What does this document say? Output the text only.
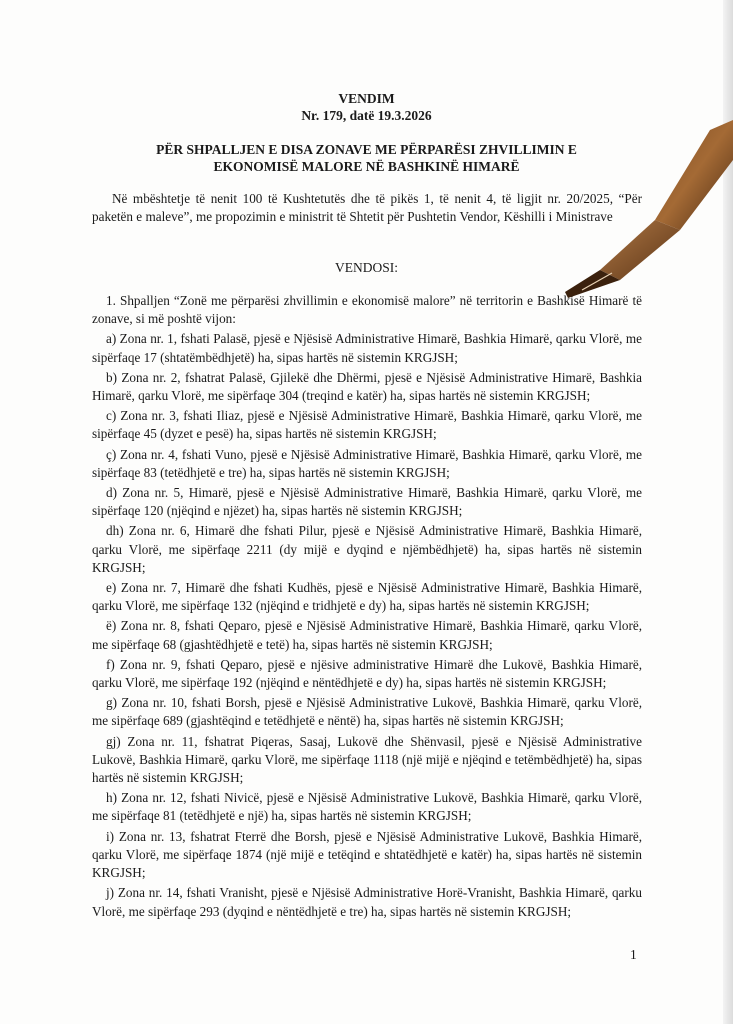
VENDIM
Nr. 179, datë 19.3.2026
PËR SHPALLJEN E DISA ZONAVE ME PËRPARËSI ZHVILLIMIN E
EKONOMISË MALORE NË BASHKINË HIMARË
Në mbështetje të nenit 100 të Kushtetutës dhe të pikës 1, të nenit 4, të ligjit nr. 20/2025, “Për paketën e maleve”, me propozimin e ministrit të Shtetit për Pushtetin Vendor, Këshilli i Ministrave
VENDOSI:

1. Shpalljen “Zonë me përparësi zhvillimin e ekonomisë malore” në territorin e Bashkisë Himarë të zonave, si më poshtë vijon:

a) Zona nr. 1, fshati Palasë, pjesë e Njësisë Administrative Himarë, Bashkia Himarë, qarku Vlorë, me sipërfaqe 17 (shtatëmbëdhjetë) ha, sipas hartës në sistemin KRGJSH;

b) Zona nr. 2, fshatrat Palasë, Gjilekë dhe Dhërmi, pjesë e Njësisë Administrative Himarë, Bashkia Himarë, qarku Vlorë, me sipërfaqe 304 (treqind e katër) ha, sipas hartës në sistemin KRGJSH;

c) Zona nr. 3, fshati Iliaz, pjesë e Njësisë Administrative Himarë, Bashkia Himarë, qarku Vlorë, me sipërfaqe 45 (dyzet e pesë) ha, sipas hartës në sistemin KRGJSH;

ç) Zona nr. 4, fshati Vuno, pjesë e Njësisë Administrative Himarë, Bashkia Himarë, qarku Vlorë, me sipërfaqe 83 (tetëdhjetë e tre) ha, sipas hartës në sistemin KRGJSH;

d) Zona nr. 5, Himarë, pjesë e Njësisë Administrative Himarë, Bashkia Himarë, qarku Vlorë, me sipërfaqe 120 (njëqind e njëzet) ha, sipas hartës në sistemin KRGJSH;

dh) Zona nr. 6, Himarë dhe fshati Pilur, pjesë e Njësisë Administrative Himarë, Bashkia Himarë, qarku Vlorë, me sipërfaqe 2211 (dy mijë e dyqind e njëmbëdhjetë) ha, sipas hartës në sistemin KRGJSH;

e) Zona nr. 7, Himarë dhe fshati Kudhës, pjesë e Njësisë Administrative Himarë, Bashkia Himarë, qarku Vlorë, me sipërfaqe 132 (njëqind e tridhjetë e dy) ha, sipas hartës në sistemin KRGJSH;

ë) Zona nr. 8, fshati Qeparo, pjesë e Njësisë Administrative Himarë, Bashkia Himarë, qarku Vlorë, me sipërfaqe 68 (gjashtëdhjetë e tetë) ha, sipas hartës në sistemin KRGJSH;

f) Zona nr. 9, fshati Qeparo, pjesë e njësive administrative Himarë dhe Lukovë, Bashkia Himarë, qarku Vlorë, me sipërfaqe 192 (njëqind e nëntëdhjetë e dy) ha, sipas hartës në sistemin KRGJSH;

g) Zona nr. 10, fshati Borsh, pjesë e Njësisë Administrative Lukovë, Bashkia Himarë, qarku Vlorë, me sipërfaqe 689 (gjashtëqind e tetëdhjetë e nëntë) ha, sipas hartës në sistemin KRGJSH;

gj) Zona nr. 11, fshatrat Piqeras, Sasaj, Lukovë dhe Shënvasil, pjesë e Njësisë Administrative Lukovë, Bashkia Himarë, qarku Vlorë, me sipërfaqe 1118 (një mijë e njëqind e tetëmbëdhjetë) ha, sipas hartës në sistemin KRGJSH;

h) Zona nr. 12, fshati Nivicë, pjesë e Njësisë Administrative Lukovë, Bashkia Himarë, qarku Vlorë, me sipërfaqe 81 (tetëdhjetë e një) ha, sipas hartës në sistemin KRGJSH;

i) Zona nr. 13, fshatrat Fterrë dhe Borsh, pjesë e Njësisë Administrative Lukovë, Bashkia Himarë, qarku Vlorë, me sipërfaqe 1874 (një mijë e tetëqind e shtatëdhjetë e katër) ha, sipas hartës në sistemin KRGJSH;

j) Zona nr. 14, fshati Vranisht, pjesë e Njësisë Administrative Horë-Vranisht, Bashkia Himarë, qarku Vlorë, me sipërfaqe 293 (dyqind e nëntëdhjetë e tre) ha, sipas hartës në sistemin KRGJSH;

1
